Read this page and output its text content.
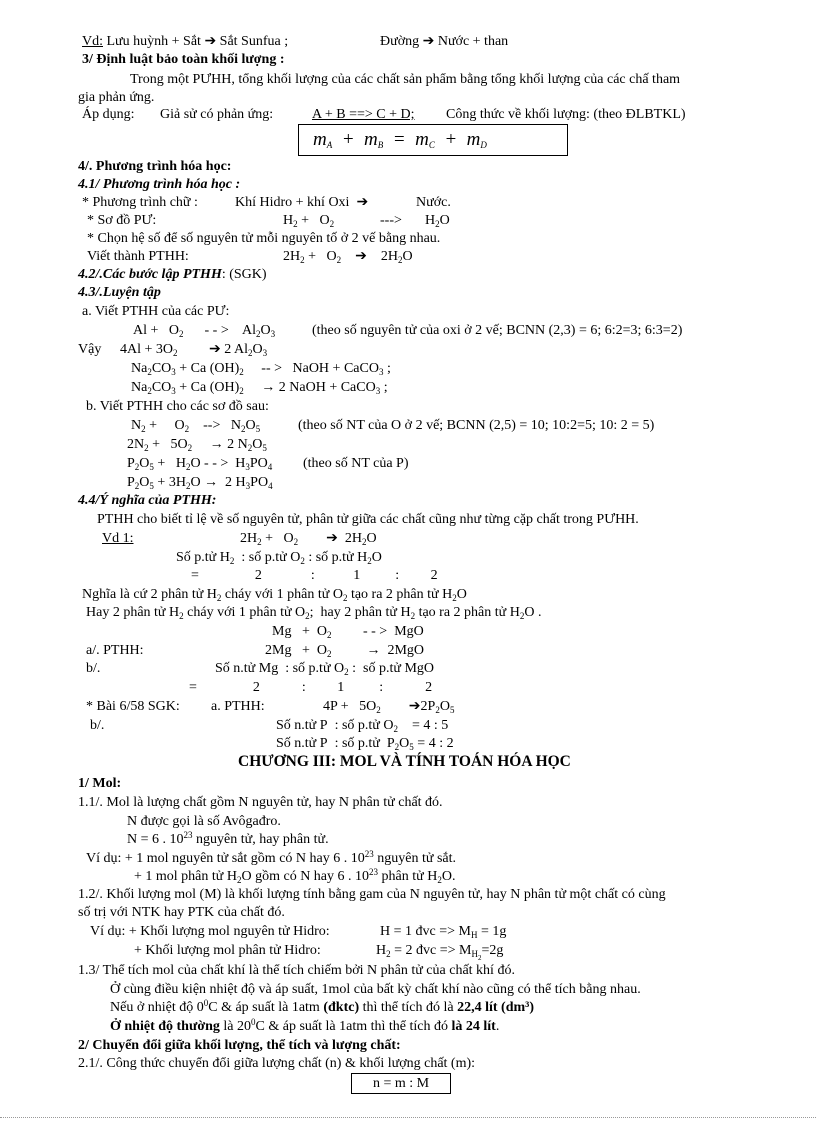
Vd: Lưu huỳnh + Sắt ➔ Sắt Sunfua ;	Đường ➔ Nước + than
3/ Định luật bảo toàn khối lượng :
Trong một PƯHH, tổng khối lượng của các chất sản phẩm bằng tổng khối lượng của các chấ tham
gia phản ứng.
Áp dụng: Giả sử có phản ứng:	A + B ==> C + D; Công thức về khối lượng: (theo ĐLBTKL)
$m_A + m_B = m_C + m_D$
4/. Phương trình hóa học:
4.1/ Phương trình hóa học :
* Phương trình chữ :	Khí Hidro + khí Oxi  ➔	Nước.
* Sơ đồ PƯ:	$H_2 + O_2$	---> $H_2O$
* Chọn hệ số để số nguyên tử mỗi nguyên tố ở 2 vế bằng nhau.
Viết thành PTHH:	$2H_2 + O_2$ ➔    $2H_2O$
4.2/.Các bước lập PTHH: (SGK)
4.3/.Luyện tập
a. Viết PTHH của các PƯ:
$Al + O_2$      - - >    $Al_2O_3$	(theo số nguyên tử của oxi ở 2 vế; BCNN (2,3) = 6; 6:2=3; 6:3=2)
Vậy $4Al + 3O_2$ ➔ 2 $Al_2O_3$
$Na_2CO_3 + Ca$ $(OH)_2$     -- >   NaOH + CaCO$_3$ ;
$Na_2CO_3 + Ca$ $(OH)_2$     → 2 NaOH + CaCO$_3$ ;
b. Viết PTHH cho các sơ đồ sau:
$N_2$ +     $O_2$    -->   $N_2O_5$	(theo số NT của O ở 2 vế; BCNN (2,5) = 10; 10:2=5; 10: 2 = 5)
$2N_2 + 5O_2$     → 2 $N_2O_5$
$P_2O_5 + H_2O$ - - >  $H_3PO_4$ (theo số NT của P)
$P_2O_5 + 3H_2O \to 2$ $H_3PO_4$
4.4/Ý nghĩa của PTHH:
PTHH cho biết tỉ lệ về số nguyên tử, phân tử giữa các chất cũng như từng cặp chất trong PƯHH.
Vd 1:	$2H_2 + O_2$ ➔  $2H_2O$
Số p.tử $H_2$ : số p.tử $O_2$ : số p.tử $H_2O$
=                2              :           1          :         2
Nghĩa là cứ 2 phân tử $H_2$ cháy với 1 phân tử $O_2$ tạo ra 2 phân tử $H_2O$
Hay 2 phân tử $H_2$ cháy với 1 phân tử $O_2$;  hay 2 phân tử $H_2$ tạo ra 2 phân tử $H_2O$ .
$Mg + O_2$         - - >  MgO
a/. PTHH:	$2Mg + O_2$          →  2MgO
b/.	Số n.tử Mg  : số p.tử $O_2$ :  số p.tử MgO
=                2            :         1          :            2
* Bài 6/58 SGK: a. PTHH:	$4P + 5O_2$ $➔2P_2O_5$
b/.	Số n.tử P  : số p.tử $O_2 = 4$ : 5
Số n.tử P  : số p.tử  $P_2O_5 = 4$ : 2
CHƯƠNG III: MOL VÀ TÍNH TOÁN HÓA HỌC
1/ Mol:
1.1/. Mol là lượng chất gồm N nguyên tử, hay N phân tử chất đó.
N được gọi là số Avôgađro.
N = 6 . $10^{23}$ nguyên tử, hay phân tử.
Ví dụ: + 1 mol nguyên tử sắt gồm có N hay 6 . $10^{23}$ nguyên tử sắt.
+ 1 mol phân tử $H_2O$ gồm có N hay 6 . $10^{23}$ phân tử $H_2O$.
1.2/. Khối lượng mol (M) là khối lượng tính bằng gam của N nguyên tử, hay N phân tử một chất có cùng
số trị với NTK hay PTK của chất đó.
Ví dụ: + Khối lượng mol nguyên tử Hidro:	H = 1 đvc => $M_H = 1g$
+ Khối lượng mol phân tử Hidro:	$H_2 = 2$ đvc => $M_{H_2}=2g$
1.3/ Thể tích mol của chất khí là thể tích chiếm bởi N phân tử của chất khí đó.
Ở cùng điều kiện nhiệt độ và áp suất, 1mol của bất kỳ chất khí nào cũng có thể tích bằng nhau.
Nếu ở nhiệt độ $0^0C$ & áp suất là 1atm (đktc) thì thể tích đó là 22,4 lít (dm³)
Ở nhiệt độ thường là $20^0C$ & áp suất là 1atm thì thể tích đó là 24 lít.
2/ Chuyển đổi giữa khối lượng, thể tích và lượng chất:
2.1/. Công thức chuyển đổi giữa lượng chất (n) & khối lượng chất (m):
n = m : M
